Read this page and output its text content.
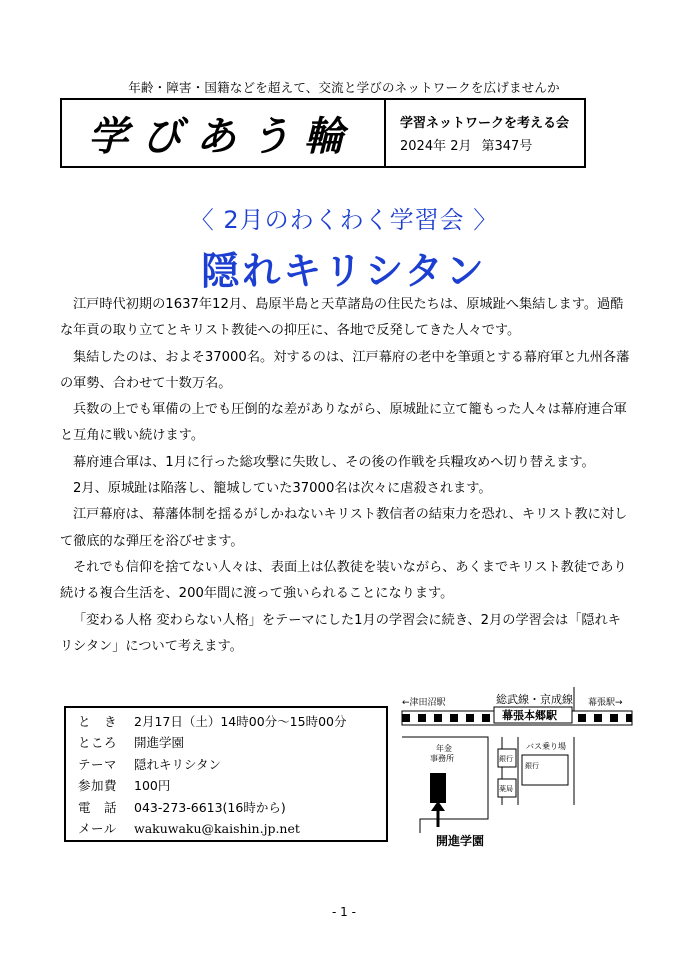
年齢・障害・国籍などを超えて、交流と学びのネットワークを広げませんか
学びあう輪	学習ネットワークを考える会
2024年 2月 第347号
〈 2月のわくわく学習会 〉
隠れキリシタン

江戸時代初期の1637年12月、島原半島と天草諸島の住民たちは、原城趾へ集結します。過酷な年貢の取り立てとキリスト教徒への抑圧に、各地で反発してきた人々です。

集結したのは、およそ37000名。対するのは、江戸幕府の老中を筆頭とする幕府軍と九州各藩の軍勢、合わせて十数万名。

兵数の上でも軍備の上でも圧倒的な差がありながら、原城趾に立て籠もった人々は幕府連合軍と互角に戦い続けます。

幕府連合軍は、1月に行った総攻撃に失敗し、その後の作戦を兵糧攻めへ切り替えます。

2月、原城趾は陥落し、籠城していた37000名は次々に虐殺されます。

江戸幕府は、幕藩体制を揺るがしかねないキリスト教信者の結束力を恐れ、キリスト教に対して徹底的な弾圧を浴びせます。

それでも信仰を捨てない人々は、表面上は仏教徒を装いながら、あくまでキリスト教徒であり続ける複合生活を、200年間に渡って強いられることになります。

「変わる人格 変わらない人格」をテーマにした1月の学習会に続き、2月の学習会は「隠れキリシタン」について考えます。

と　き	2月17日（土）14時00分～15時00分
ところ	開進学園
テーマ	隠れキリシタン
参加費	100円
電　話	043-273-6613(16時から)
メール	wakuwaku@kaishin.jp.net
←津田沼駅	総武線・京成線 幕張駅→
幕張本郷駅
年金
事務所	銀行
バス乗り場
銀行
薬局
開進学園
- 1 -
